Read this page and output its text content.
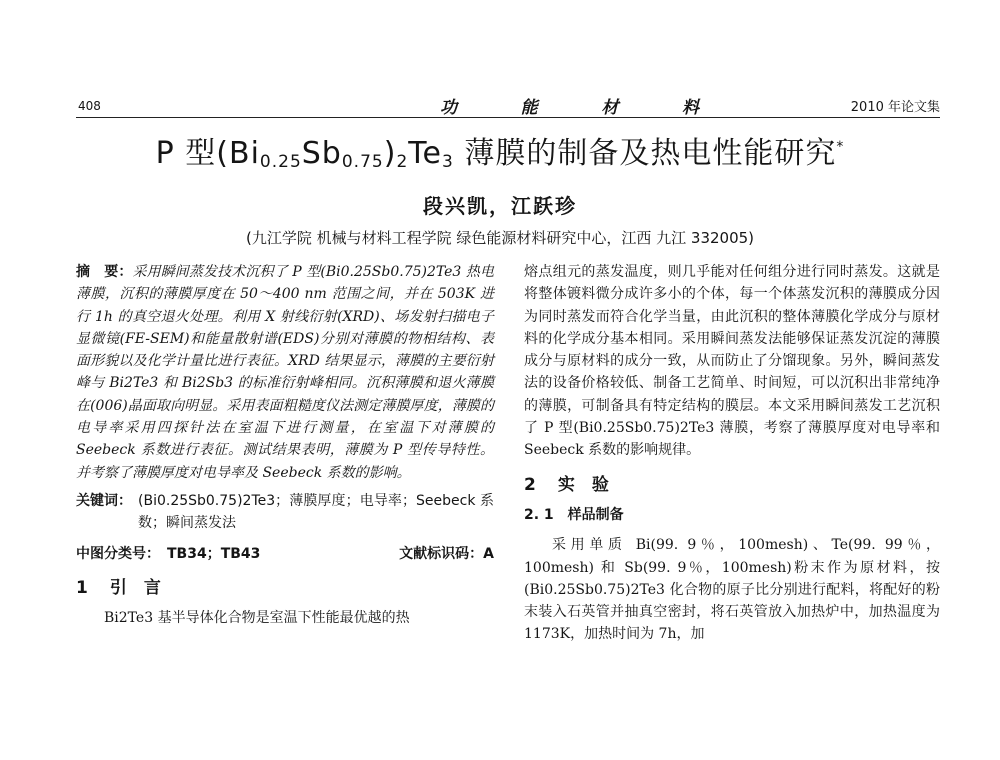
408	功	能	材	料	2010 年论文集
P 型$(Bi_{0.25}Sb_{0.75})_2Te_3$ 薄膜的制备及热电性能研究*
段兴凯，江跃珍
(九江学院 机械与材料工程学院 绿色能源材料研究中心，江西 九江 332005)
摘　要：采用瞬间蒸发技术沉积了 P 型(Bi0.25Sb0.75)2Te3 热电薄膜，沉积的薄膜厚度在 50～400 nm 范围之间，并在 503K 进行 1h 的真空退火处理。利用 X 射线衍射(XRD)、场发射扫描电子显微镜(FE-SEM)和能量散射谱(EDS)分别对薄膜的物相结构、表面形貌以及化学计量比进行表征。XRD 结果显示，薄膜的主要衍射峰与 Bi2Te3 和 Bi2Sb3 的标准衍射峰相同。沉积薄膜和退火薄膜在(006)晶面取向明显。采用表面粗糙度仪法测定薄膜厚度，薄膜的电导率采用四探针法在室温下进行测量，在室温下对薄膜的 Seebeck 系数进行表征。测试结果表明，薄膜为 P 型传导特性。并考察了薄膜厚度对电导率及 Seebeck 系数的影响。
关键词： (Bi0.25Sb0.75)2Te3；薄膜厚度；电导率；Seebeck 系数；瞬间蒸发法
中图分类号：　TB34；TB43	文献标识码：A
1 引　言
Bi2Te3 基半导体化合物是室温下性能最优越的热
熔点组元的蒸发温度，则几乎能对任何组分进行同时蒸发。这就是将整体镀料微分成许多小的个体，每一个体蒸发沉积的薄膜成分因为同时蒸发而符合化学当量，由此沉积的整体薄膜化学成分与原材料的化学成分基本相同。采用瞬间蒸发法能够保证蒸发沉淀的薄膜成分与原材料的成分一致，从而防止了分馏现象。另外，瞬间蒸发法的设备价格较低、制备工艺简单、时间短，可以沉积出非常纯净的薄膜，可制备具有特定结构的膜层。本文采用瞬间蒸发工艺沉积了 P 型(Bi0.25Sb0.75)2Te3 薄膜，考察了薄膜厚度对电导率和 Seebeck 系数的影响规律。
2 实　验
2. 1　样品制备
采用单质 Bi(99. 9％，100mesh)、Te(99. 99％，100mesh) 和 Sb(99. 9％，100mesh)粉末作为原材料，按(Bi0.25Sb0.75)2Te3 化合物的原子比分别进行配料，将配好的粉末装入石英管并抽真空密封，将石英管放入加热炉中，加热温度为 1173K，加热时间为 7h，加
